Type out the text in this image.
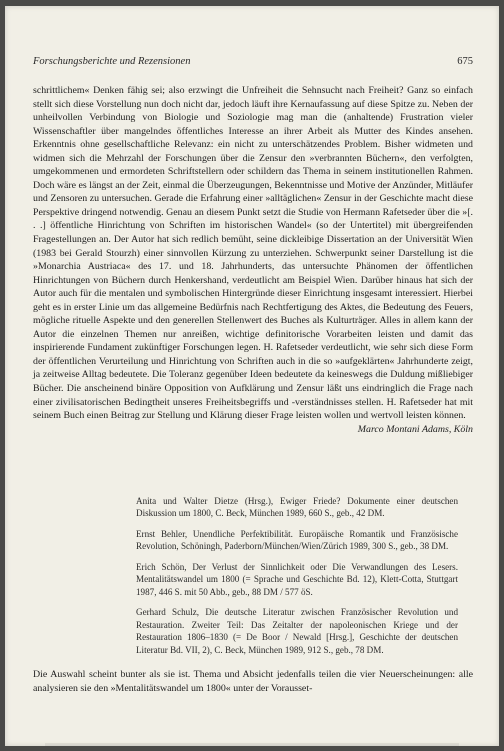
Forschungsberichte und Rezensionen	675

schrittlichem« Denken fähig sei; also erzwingt die Unfreiheit die Sehnsucht nach Freiheit? Ganz so einfach stellt sich diese Vorstellung nun doch nicht dar, jedoch läuft ihre Kernaufassung auf diese Spitze zu. Neben der unheilvollen Verbindung von Biologie und Soziologie mag man die (anhaltende) Frustration vieler Wissenschaftler über mangelndes öffentliches Interesse an ihrer Arbeit als Mutter des Kindes ansehen. Erkenntnis ohne gesellschaftliche Relevanz: ein nicht zu unterschätzendes Problem. Bisher widmeten und widmen sich die Mehrzahl der Forschungen über die Zensur den »verbrannten Büchern«, den verfolgten, umgekommenen und ermordeten Schriftstellern oder schildern das Thema in seinem institutionellen Rahmen. Doch wäre es längst an der Zeit, einmal die Überzeugungen, Bekenntnisse und Motive der Anzünder, Mitläufer und Zensoren zu untersuchen. Gerade die Erfahrung einer »alltäglichen« Zensur in der Geschichte macht diese Perspektive dringend notwendig. Genau an diesem Punkt setzt die Studie von Hermann Rafetseder über die »[. . .] öffentliche Hinrichtung von Schriften im historischen Wandel« (so der Untertitel) mit übergreifenden Fragestellungen an. Der Autor hat sich redlich bemüht, seine dickleibige Dissertation an der Universität Wien (1983 bei Gerald Stourzh) einer sinnvollen Kürzung zu unterziehen. Schwerpunkt seiner Darstellung ist die »Monarchia Austriaca« des 17. und 18. Jahrhunderts, das untersuchte Phänomen der öffentlichen Hinrichtungen von Büchern durch Henkershand, verdeutlicht am Beispiel Wien. Darüber hinaus hat sich der Autor auch für die mentalen und symbolischen Hintergründe dieser Einrichtung insgesamt interessiert. Hierbei geht es in erster Linie um das allgemeine Bedürfnis nach Rechtfertigung des Aktes, die Bedeutung des Feuers, mögliche rituelle Aspekte und den generellen Stellenwert des Buches als Kulturträger. Alles in allem kann der Autor die einzelnen Themen nur anreißen, wichtige definitorische Vorarbeiten leisten und damit das inspirierende Fundament zukünftiger Forschungen legen. H. Rafetseder verdeutlicht, wie sehr sich diese Form der öffentlichen Verurteilung und Hinrichtung von Schriften auch in die so »aufgeklärten« Jahrhunderte zeigt, ja zeitweise Alltag bedeutete. Die Toleranz gegenüber Ideen bedeutete da keineswegs die Duldung mißliebiger Bücher. Die anscheinend binäre Opposition von Aufklärung und Zensur läßt uns eindringlich die Frage nach einer zivilisatorischen Bedingtheit unseres Freiheitsbegriffs und -verständnisses stellen. H. Rafetseder hat mit seinem Buch einen Beitrag zur Stellung und Klärung dieser Frage leisten wollen und wertvoll leisten können.
Marco Montani Adams, Köln

Anita und Walter Dietze (Hrsg.), Ewiger Friede? Dokumente einer deutschen Diskussion um 1800, C. Beck, München 1989, 660 S., geb., 42 DM.

Ernst Behler, Unendliche Perfektibilität. Europäische Romantik und Französische Revolution, Schöningh, Paderborn/München/Wien/Zürich 1989, 300 S., geb., 38 DM.

Erich Schön, Der Verlust der Sinnlichkeit oder Die Verwandlungen des Lesers. Mentalitätswandel um 1800 (= Sprache und Geschichte Bd. 12), Klett-Cotta, Stuttgart 1987, 446 S. mit 50 Abb., geb., 88 DM / 577 öS.

Gerhard Schulz, Die deutsche Literatur zwischen Französischer Revolution und Restauration. Zweiter Teil: Das Zeitalter der napoleonischen Kriege und der Restauration 1806–1830 (= De Boor / Newald [Hrsg.], Geschichte der deutschen Literatur Bd. VII, 2), C. Beck, München 1989, 912 S., geb., 78 DM.

Die Auswahl scheint bunter als sie ist. Thema und Absicht jedenfalls teilen die vier Neuerscheinungen: alle analysieren sie den »Mentalitätswandel um 1800« unter der Vorausset-
